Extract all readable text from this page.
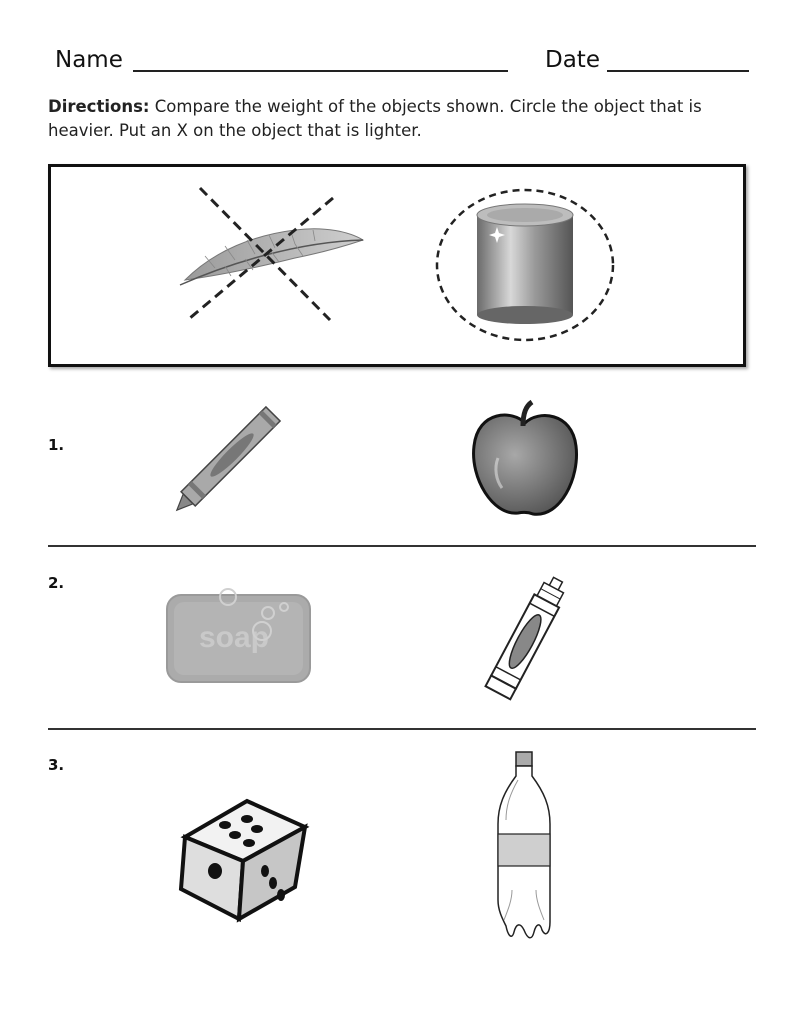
Name	Date
Directions: Compare the weight of the objects shown. Circle the object that is heavier. Put an X on the object that is lighter.
1.
2.
soap
3.
